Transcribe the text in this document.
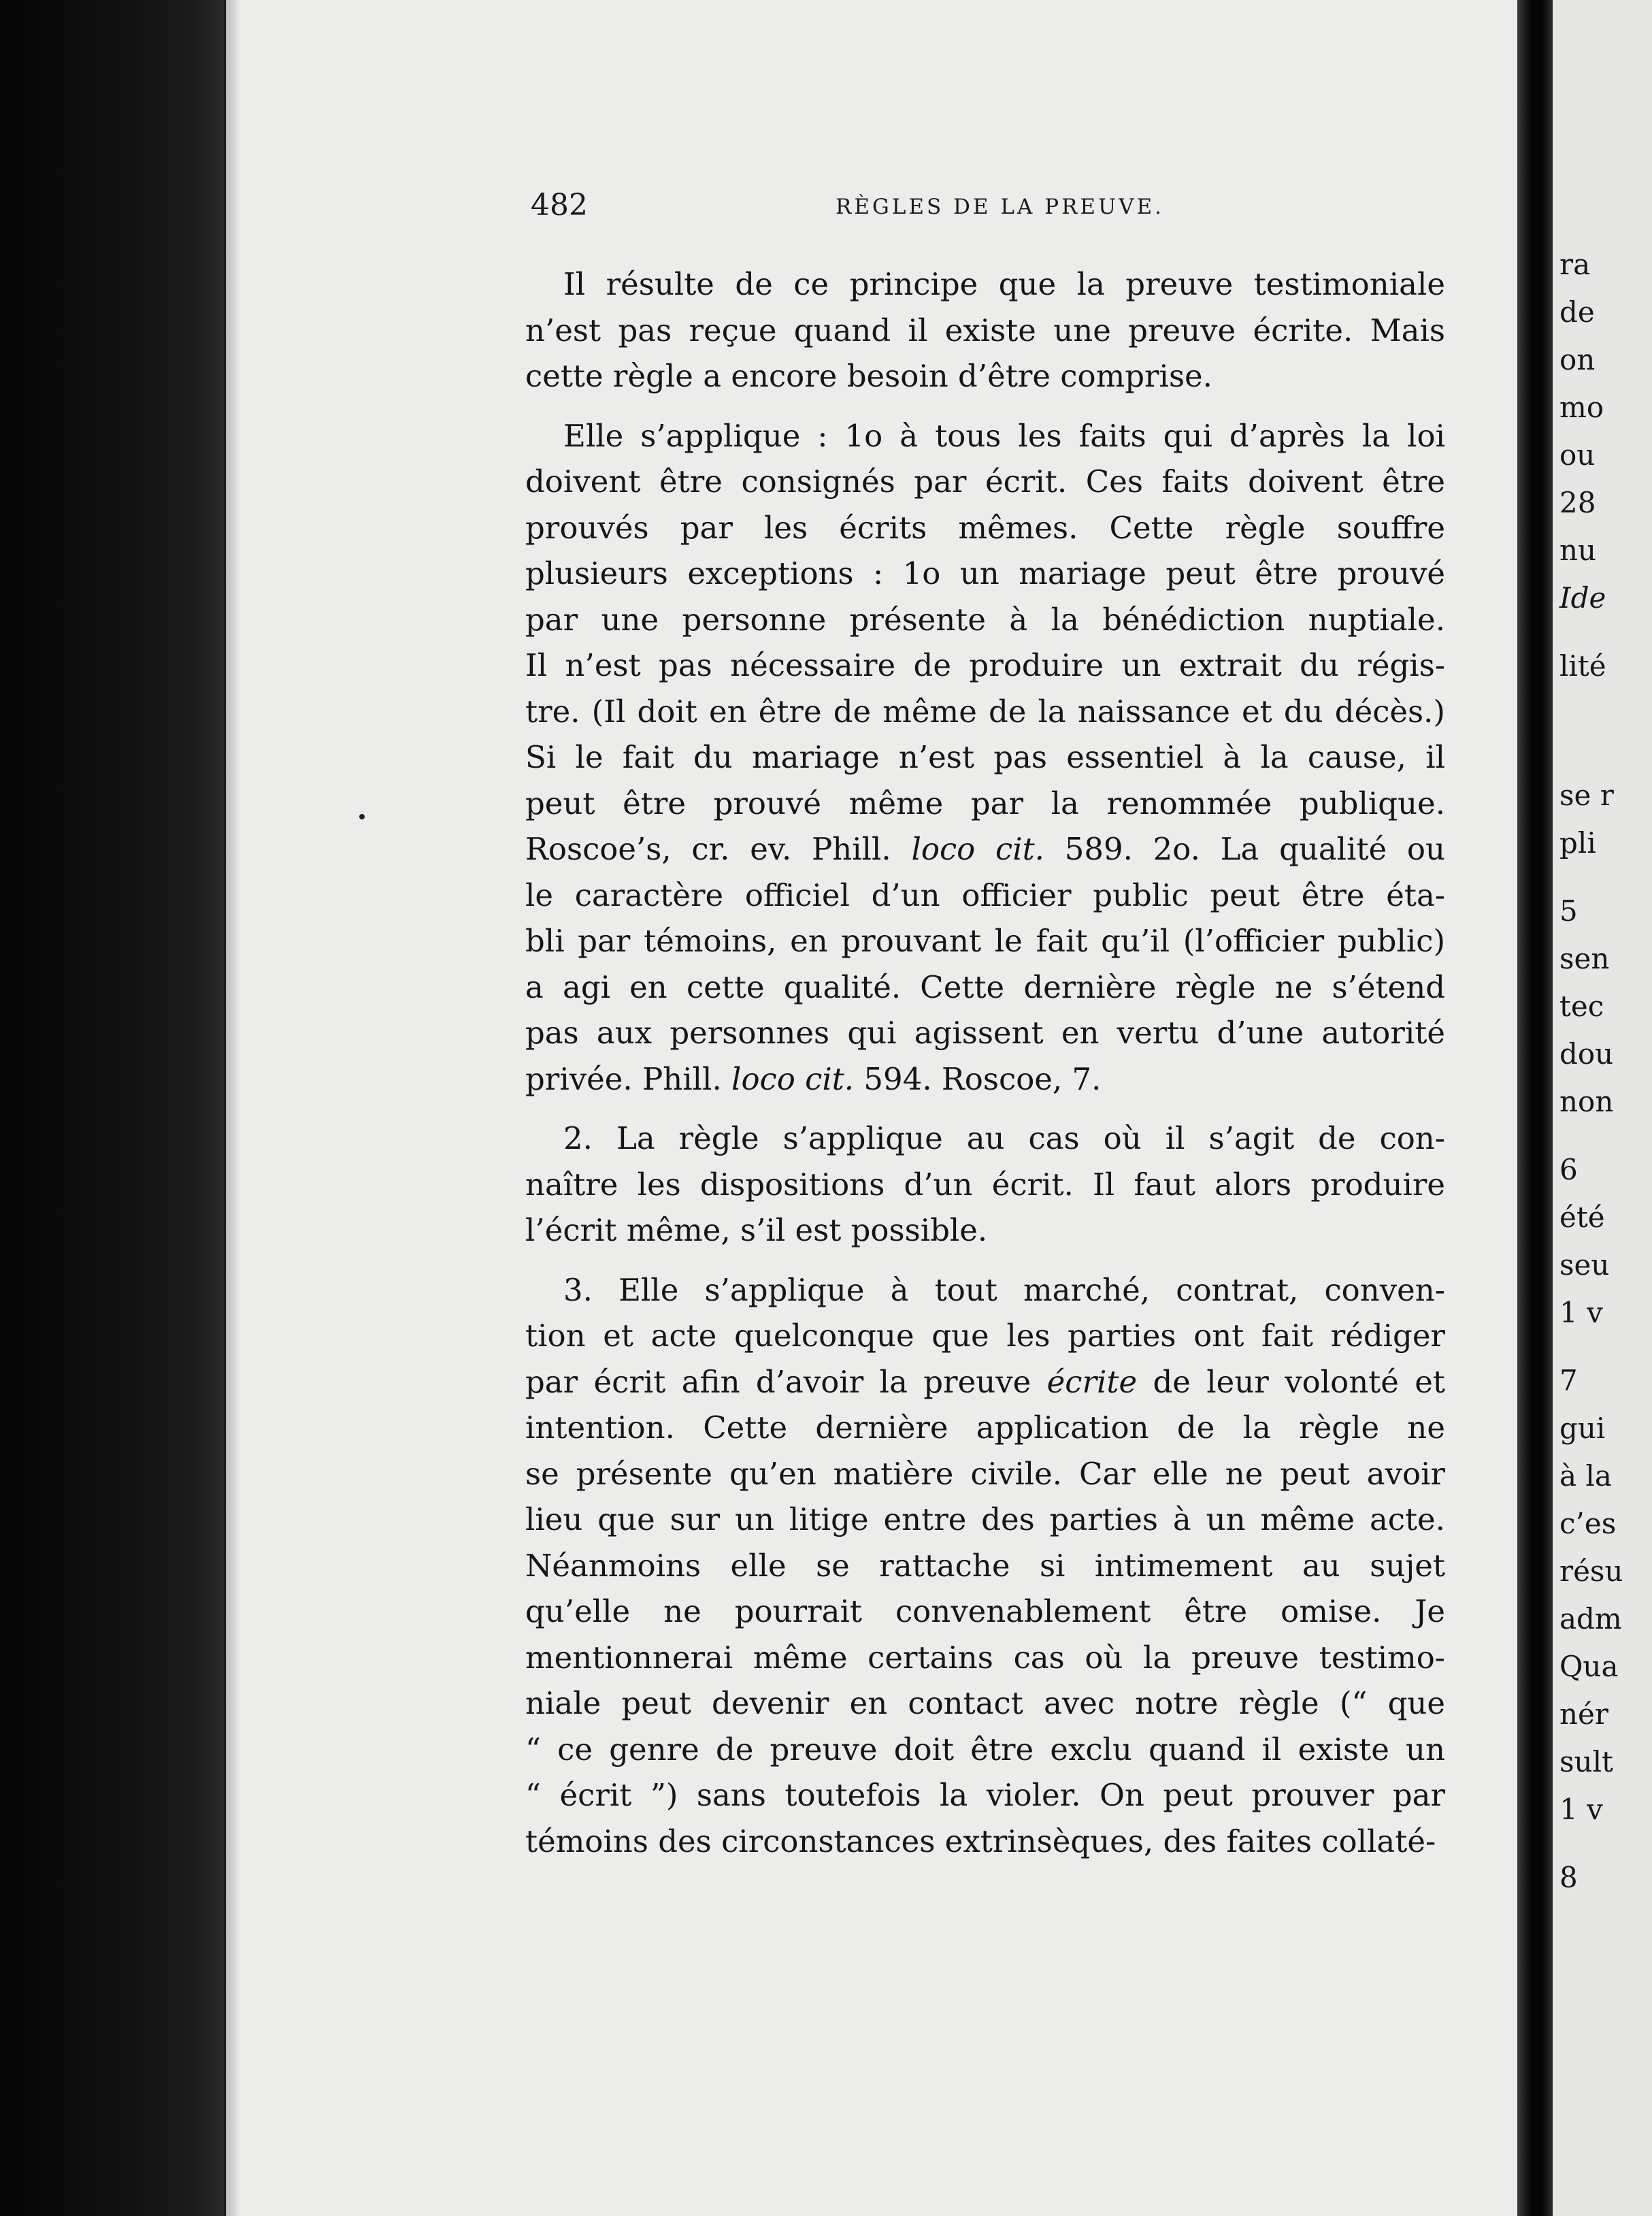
ra
de
on
mo
ou
28
nu
Ide
lité
se r
pli
5
sen
tec
dou
non
6
été
seu
1 v
7
gui
à la
c’es
résu
adm
Qua
nér
sult
1 v
8
482	RÈGLES DE LA PREUVE.
Il résulte de ce principe que la preuve testimoniale
n’est pas reçue quand il existe une preuve écrite. Mais
cette règle a encore besoin d’être comprise.
Elle s’applique : 1o à tous les faits qui d’après la loi
doivent être consignés par écrit. Ces faits doivent être
prouvés par les écrits mêmes. Cette règle souffre
plusieurs exceptions : 1o un mariage peut être prouvé
par une personne présente à la bénédiction nuptiale.
Il n’est pas nécessaire de produire un extrait du régis-
tre. (Il doit en être de même de la naissance et du décès.)
Si le fait du mariage n’est pas essentiel à la cause, il
peut être prouvé même par la renommée publique.
Roscoe’s, cr. ev. Phill. loco cit. 589. 2o. La qualité ou
le caractère officiel d’un officier public peut être éta-
bli par témoins, en prouvant le fait qu’il (l’officier public)
a agi en cette qualité. Cette dernière règle ne s’étend
pas aux personnes qui agissent en vertu d’une autorité
privée. Phill. loco cit. 594. Roscoe, 7.
2. La règle s’applique au cas où il s’agit de con-
naître les dispositions d’un écrit. Il faut alors produire
l’écrit même, s’il est possible.
3. Elle s’applique à tout marché, contrat, conven-
tion et acte quelconque que les parties ont fait rédiger
par écrit afin d’avoir la preuve écrite de leur volonté et
intention. Cette dernière application de la règle ne
se présente qu’en matière civile. Car elle ne peut avoir
lieu que sur un litige entre des parties à un même acte.
Néanmoins elle se rattache si intimement au sujet
qu’elle ne pourrait convenablement être omise. Je
mentionnerai même certains cas où la preuve testimo-
niale peut devenir en contact avec notre règle (“ que
“ ce genre de preuve doit être exclu quand il existe un
“ écrit ”) sans toutefois la violer. On peut prouver par
témoins des circonstances extrinsèques, des faites collaté-
